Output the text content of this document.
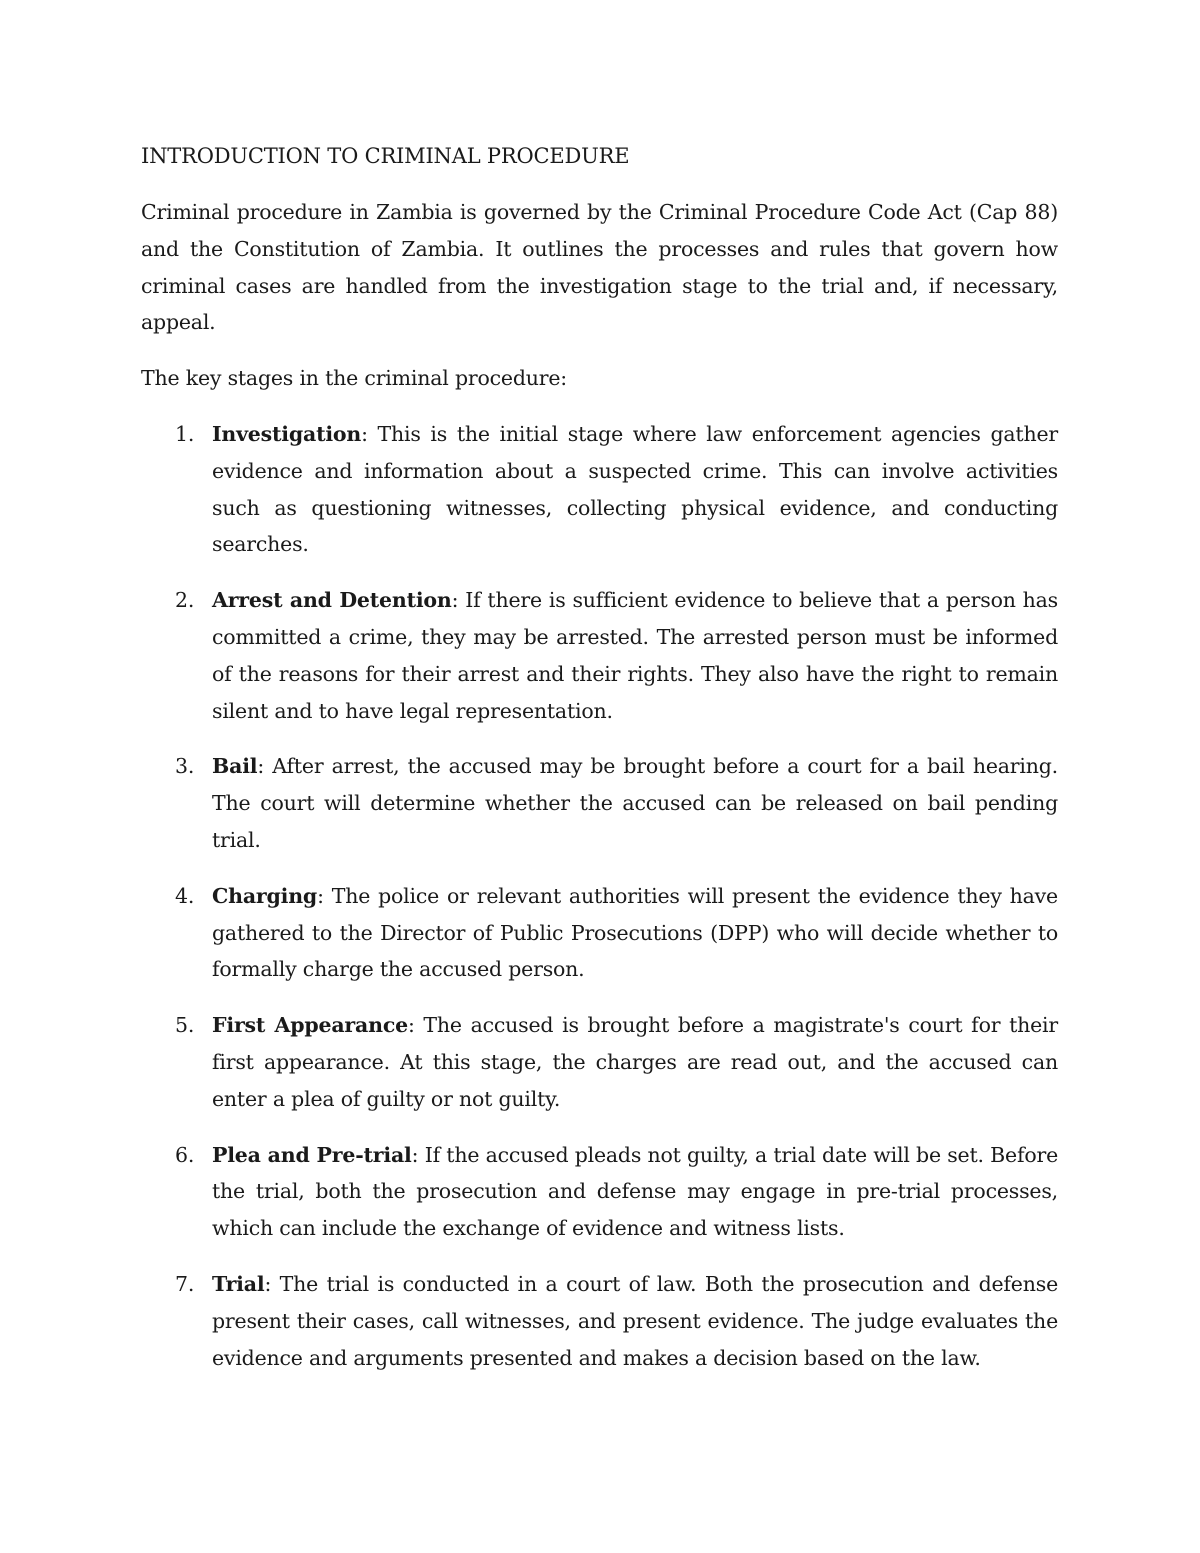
INTRODUCTION TO CRIMINAL PROCEDURE

Criminal procedure in Zambia is governed by the Criminal Procedure Code Act (Cap 88) and the Constitution of Zambia. It outlines the processes and rules that govern how criminal cases are handled from the investigation stage to the trial and, if necessary, appeal.

The key stages in the criminal procedure:

1. Investigation: This is the initial stage where law enforcement agencies gather evidence and information about a suspected crime. This can involve activities such as questioning witnesses, collecting physical evidence, and conducting searches.
2. Arrest and Detention: If there is sufficient evidence to believe that a person has committed a crime, they may be arrested. The arrested person must be informed of the reasons for their arrest and their rights. They also have the right to remain silent and to have legal representation.
3. Bail: After arrest, the accused may be brought before a court for a bail hearing. The court will determine whether the accused can be released on bail pending trial.
4. Charging: The police or relevant authorities will present the evidence they have gathered to the Director of Public Prosecutions (DPP) who will decide whether to formally charge the accused person.
5. First Appearance: The accused is brought before a magistrate's court for their first appearance. At this stage, the charges are read out, and the accused can enter a plea of guilty or not guilty.
6. Plea and Pre-trial: If the accused pleads not guilty, a trial date will be set. Before the trial, both the prosecution and defense may engage in pre-trial processes, which can include the exchange of evidence and witness lists.
7. Trial: The trial is conducted in a court of law. Both the prosecution and defense present their cases, call witnesses, and present evidence. The judge evaluates the evidence and arguments presented and makes a decision based on the law.
